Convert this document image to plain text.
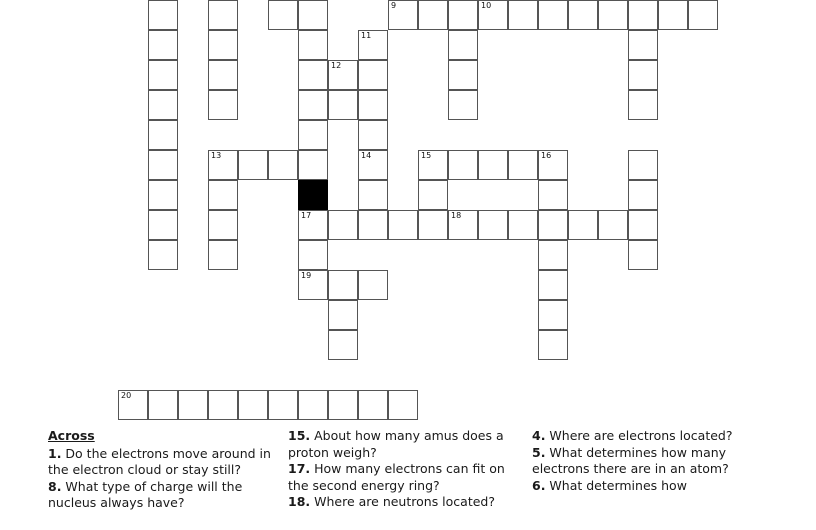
13
17
19
12
11
14
9
15
18
10
16
20
Across
1. Do the electrons move around in the electron cloud or stay still?
8. What type of charge will the nucleus always have?
15. About how many amus does a proton weigh?
17. How many electrons can fit on the second energy ring?
18. Where are neutrons located?
4. Where are electrons located?
5. What determines how many electrons there are in an atom?
6. What determines how
